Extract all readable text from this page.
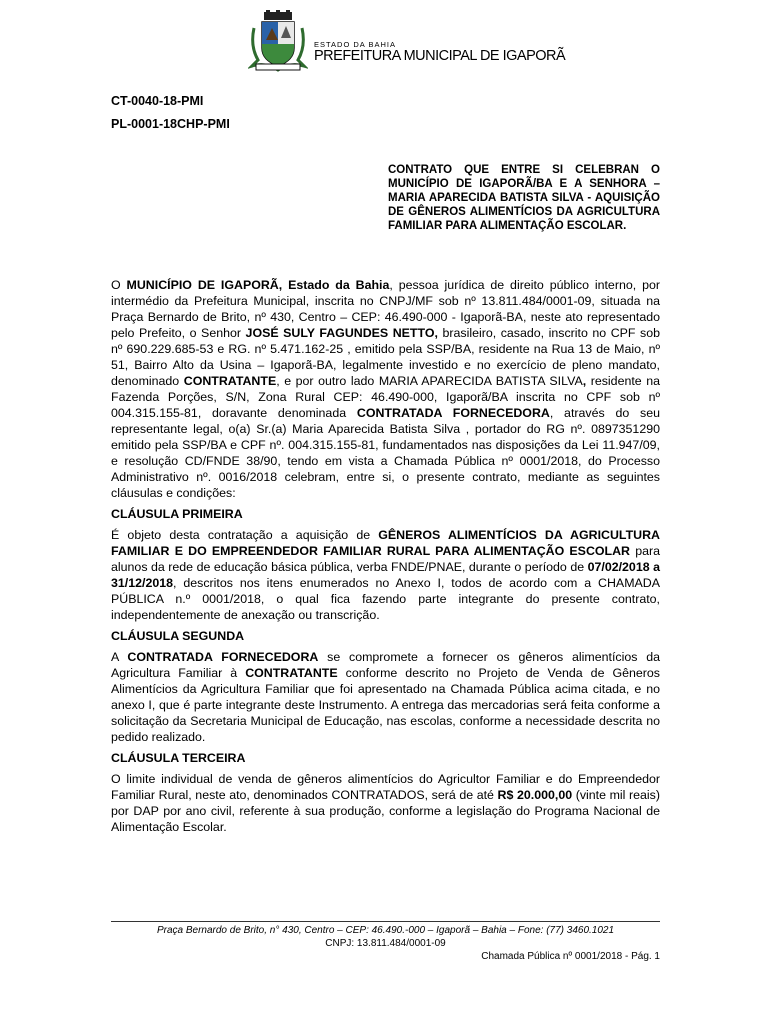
ESTADO DA BAHIA
PREFEITURA MUNICIPAL DE IGAPORÃ

CT-0040-18-PMI

PL-0001-18CHP-PMI

CONTRATO QUE ENTRE SI CELEBRAN O MUNICÍPIO DE IGAPORÃ/BA E A SENHORA – MARIA APARECIDA BATISTA SILVA - AQUISIÇÃO DE GÊNEROS ALIMENTÍCIOS DA AGRICULTURA FAMILIAR PARA ALIMENTAÇÃO ESCOLAR.

O MUNICÍPIO DE IGAPORÃ, Estado da Bahia, pessoa jurídica de direito público interno, por intermédio da Prefeitura Municipal, inscrita no CNPJ/MF sob nº 13.811.484/0001-09, situada na Praça Bernardo de Brito, nº 430, Centro – CEP: 46.490-000 - Igaporã-BA, neste ato representado pelo Prefeito, o Senhor JOSÉ SULY FAGUNDES NETTO, brasileiro, casado, inscrito no CPF sob nº 690.229.685-53 e RG. nº 5.471.162-25 , emitido pela SSP/BA, residente na Rua 13 de Maio, nº 51, Bairro Alto da Usina – Igaporã-BA, legalmente investido e no exercício de pleno mandato, denominado CONTRATANTE, e por outro lado MARIA APARECIDA BATISTA SILVA, residente na Fazenda Porções, S/N, Zona Rural CEP: 46.490-000, Igaporã/BA inscrita no CPF sob nº 004.315.155-81, doravante denominada CONTRATADA FORNECEDORA, através do seu representante legal, o(a) Sr.(a) Maria Aparecida Batista Silva , portador do RG nº. 0897351290 emitido pela SSP/BA e CPF nº. 004.315.155-81, fundamentados nas disposições da Lei 11.947/09, e resolução CD/FNDE 38/90, tendo em vista a Chamada Pública nº 0001/2018, do Processo Administrativo nº. 0016/2018 celebram, entre si, o presente contrato, mediante as seguintes cláusulas e condições:

CLÁUSULA PRIMEIRA

É objeto desta contratação a aquisição de GÊNEROS ALIMENTÍCIOS DA AGRICULTURA FAMILIAR E DO EMPREENDEDOR FAMILIAR RURAL PARA ALIMENTAÇÃO ESCOLAR para alunos da rede de educação básica pública, verba FNDE/PNAE, durante o período de 07/02/2018 a 31/12/2018, descritos nos itens enumerados no Anexo I, todos de acordo com a CHAMADA PÚBLICA n.º 0001/2018, o qual fica fazendo parte integrante do presente contrato, independentemente de anexação ou transcrição.

CLÁUSULA SEGUNDA

A CONTRATADA FORNECEDORA se compromete a fornecer os gêneros alimentícios da Agricultura Familiar à CONTRATANTE conforme descrito no Projeto de Venda de Gêneros Alimentícios da Agricultura Familiar que foi apresentado na Chamada Pública acima citada, e no anexo I, que é parte integrante deste Instrumento. A entrega das mercadorias será feita conforme a solicitação da Secretaria Municipal de Educação, nas escolas, conforme a necessidade descrita no pedido realizado.

CLÁUSULA TERCEIRA

O limite individual de venda de gêneros alimentícios do Agricultor Familiar e do Empreendedor Familiar Rural, neste ato, denominados CONTRATADOS, será de até R$ 20.000,00 (vinte mil reais) por DAP por ano civil, referente à sua produção, conforme a legislação do Programa Nacional de Alimentação Escolar.

Praça Bernardo de Brito, n° 430, Centro – CEP: 46.490.-000 – Igaporã – Bahia – Fone: (77) 3460.1021
CNPJ: 13.811.484/0001-09
Chamada Pública nº 0001/2018 - Pág. 1
